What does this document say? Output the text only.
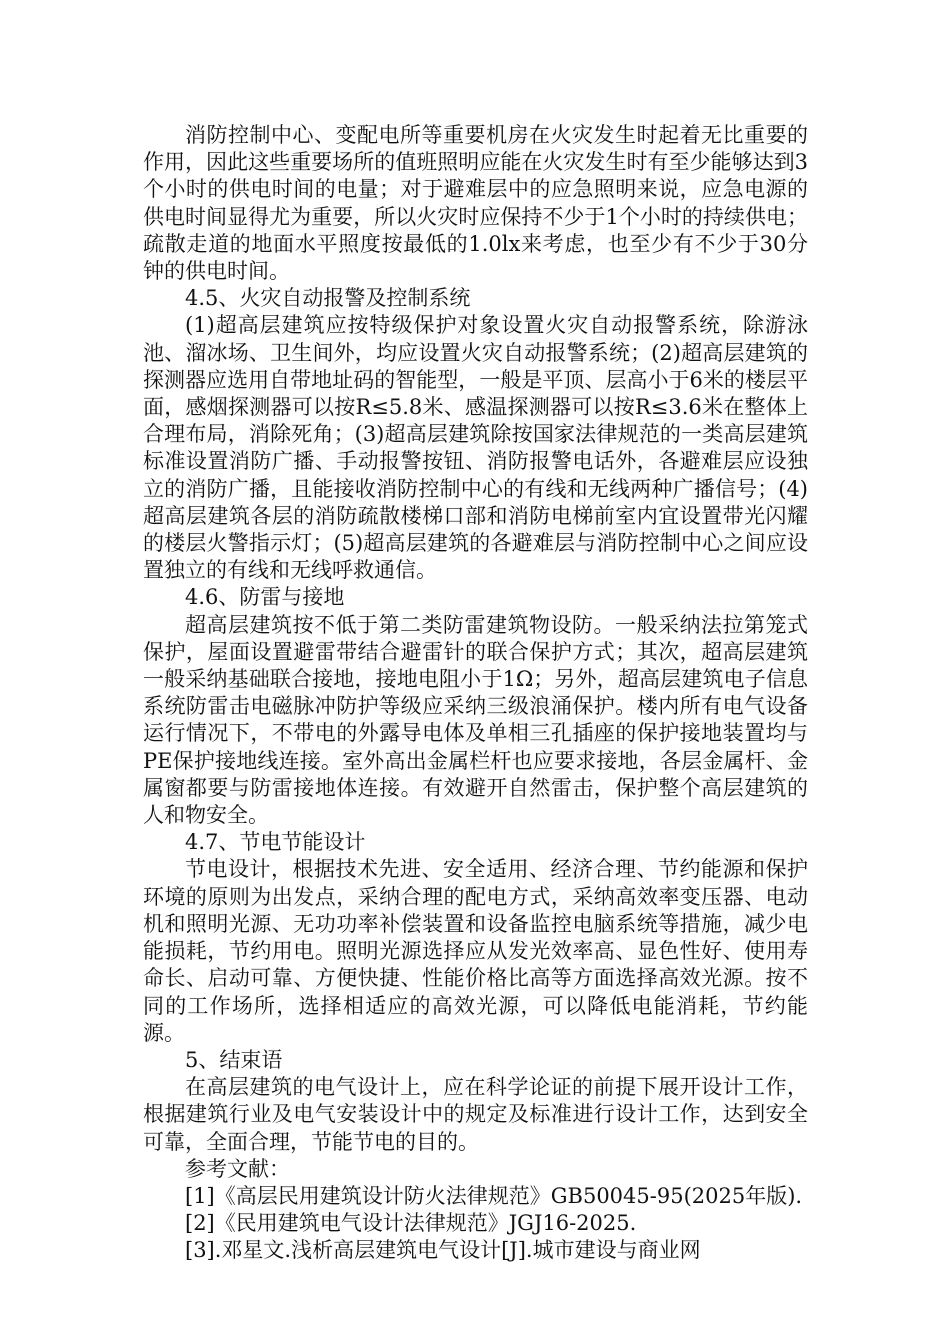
消防控制中心、变配电所等重要机房在火灾发生时起着无比重要的作用，因此这些重要场所的值班照明应能在火灾发生时有至少能够达到3个小时的供电时间的电量；对于避难层中的应急照明来说，应急电源的供电时间显得尤为重要，所以火灾时应保持不少于1个小时的持续供电；疏散走道的地面水平照度按最低的1.0lx来考虑，也至少有不少于30分钟的供电时间。

4.5、火灾自动报警及控制系统

(1)超高层建筑应按特级保护对象设置火灾自动报警系统，除游泳池、溜冰场、卫生间外，均应设置火灾自动报警系统；(2)超高层建筑的探测器应选用自带地址码的智能型，一般是平顶、层高小于6米的楼层平面，感烟探测器可以按R≤5.8米、感温探测器可以按R≤3.6米在整体上合理布局，消除死角；(3)超高层建筑除按国家法律规范的一类高层建筑标准设置消防广播、手动报警按钮、消防报警电话外，各避难层应设独立的消防广播，且能接收消防控制中心的有线和无线两种广播信号；(4)超高层建筑各层的消防疏散楼梯口部和消防电梯前室内宜设置带光闪耀的楼层火警指示灯；(5)超高层建筑的各避难层与消防控制中心之间应设置独立的有线和无线呼救通信。

4.6、防雷与接地

超高层建筑按不低于第二类防雷建筑物设防。一般采纳法拉第笼式保护，屋面设置避雷带结合避雷针的联合保护方式；其次，超高层建筑一般采纳基础联合接地，接地电阻小于1Ω；另外，超高层建筑电子信息系统防雷击电磁脉冲防护等级应采纳三级浪涌保护。楼内所有电气设备运行情况下，不带电的外露导电体及单相三孔插座的保护接地装置均与PE保护接地线连接。室外高出金属栏杆也应要求接地，各层金属杆、金属窗都要与防雷接地体连接。有效避开自然雷击，保护整个高层建筑的人和物安全。

4.7、节电节能设计

节电设计，根据技术先进、安全适用、经济合理、节约能源和保护环境的原则为出发点，采纳合理的配电方式，采纳高效率变压器、电动机和照明光源、无功功率补偿装置和设备监控电脑系统等措施，减少电能损耗，节约用电。照明光源选择应从发光效率高、显色性好、使用寿命长、启动可靠、方便快捷、性能价格比高等方面选择高效光源。按不同的工作场所，选择相适应的高效光源，可以降低电能消耗，节约能源。

5、结束语

在高层建筑的电气设计上，应在科学论证的前提下展开设计工作，根据建筑行业及电气安装设计中的规定及标准进行设计工作，达到安全可靠，全面合理，节能节电的目的。

参考文献：

[1]《高层民用建筑设计防火法律规范》GB50045-95(2025年版).

[2]《民用建筑电气设计法律规范》JGJ16-2025.

[3].邓星文.浅析高层建筑电气设计[J].城市建设与商业网
